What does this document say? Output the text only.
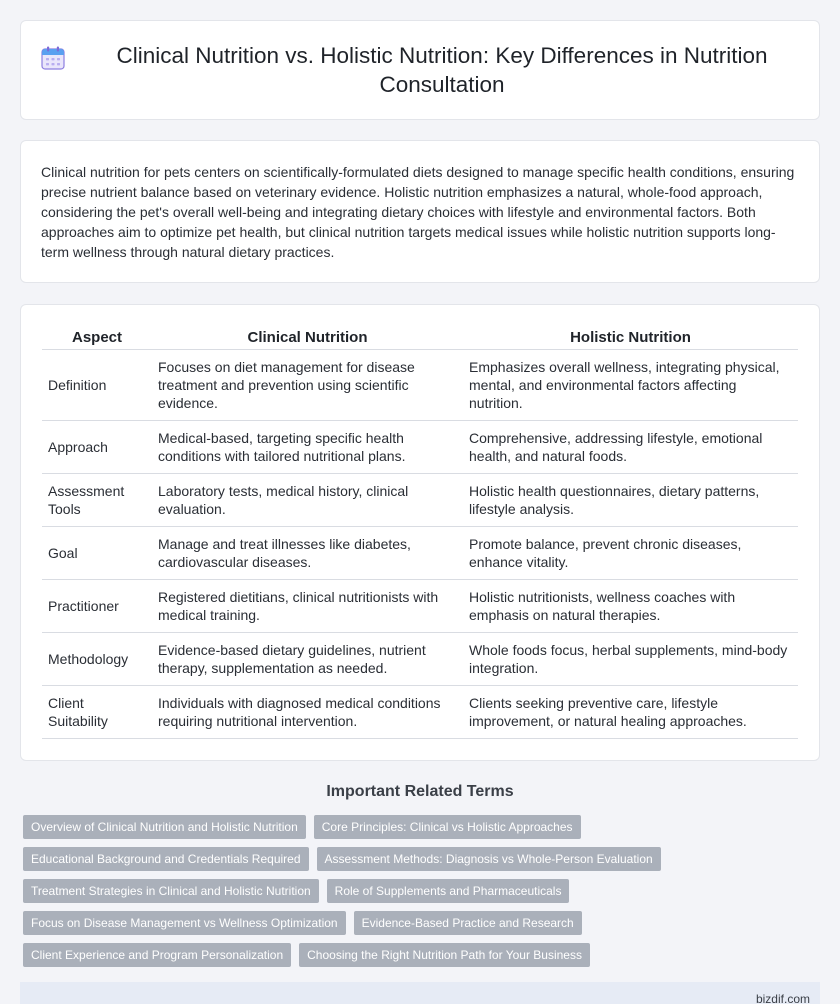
Clinical Nutrition vs. Holistic Nutrition: Key Differences in Nutrition Consultation

Clinical nutrition for pets centers on scientifically-formulated diets designed to manage specific health conditions, ensuring precise nutrient balance based on veterinary evidence. Holistic nutrition emphasizes a natural, whole-food approach, considering the pet's overall well-being and integrating dietary choices with lifestyle and environmental factors. Both approaches aim to optimize pet health, but clinical nutrition targets medical issues while holistic nutrition supports long-term wellness through natural dietary practices.

Aspect	Clinical Nutrition	Holistic Nutrition
Definition	Focuses on diet management for disease treatment and prevention using scientific evidence.	Emphasizes overall wellness, integrating physical, mental, and environmental factors affecting nutrition.
Approach	Medical-based, targeting specific health conditions with tailored nutritional plans.	Comprehensive, addressing lifestyle, emotional health, and natural foods.
Assessment Tools	Laboratory tests, medical history, clinical evaluation.	Holistic health questionnaires, dietary patterns, lifestyle analysis.
Goal	Manage and treat illnesses like diabetes, cardiovascular diseases.	Promote balance, prevent chronic diseases, enhance vitality.
Practitioner	Registered dietitians, clinical nutritionists with medical training.	Holistic nutritionists, wellness coaches with emphasis on natural therapies.
Methodology	Evidence-based dietary guidelines, nutrient therapy, supplementation as needed.	Whole foods focus, herbal supplements, mind-body integration.
Client Suitability	Individuals with diagnosed medical conditions requiring nutritional intervention.	Clients seeking preventive care, lifestyle improvement, or natural healing approaches.
Important Related Terms
Overview of Clinical Nutrition and Holistic Nutrition	Core Principles: Clinical vs Holistic Approaches
Educational Background and Credentials Required	Assessment Methods: Diagnosis vs Whole-Person Evaluation
Treatment Strategies in Clinical and Holistic Nutrition	Role of Supplements and Pharmaceuticals
Focus on Disease Management vs Wellness Optimization	Evidence-Based Practice and Research
Client Experience and Program Personalization	Choosing the Right Nutrition Path for Your Business
bizdif.com
